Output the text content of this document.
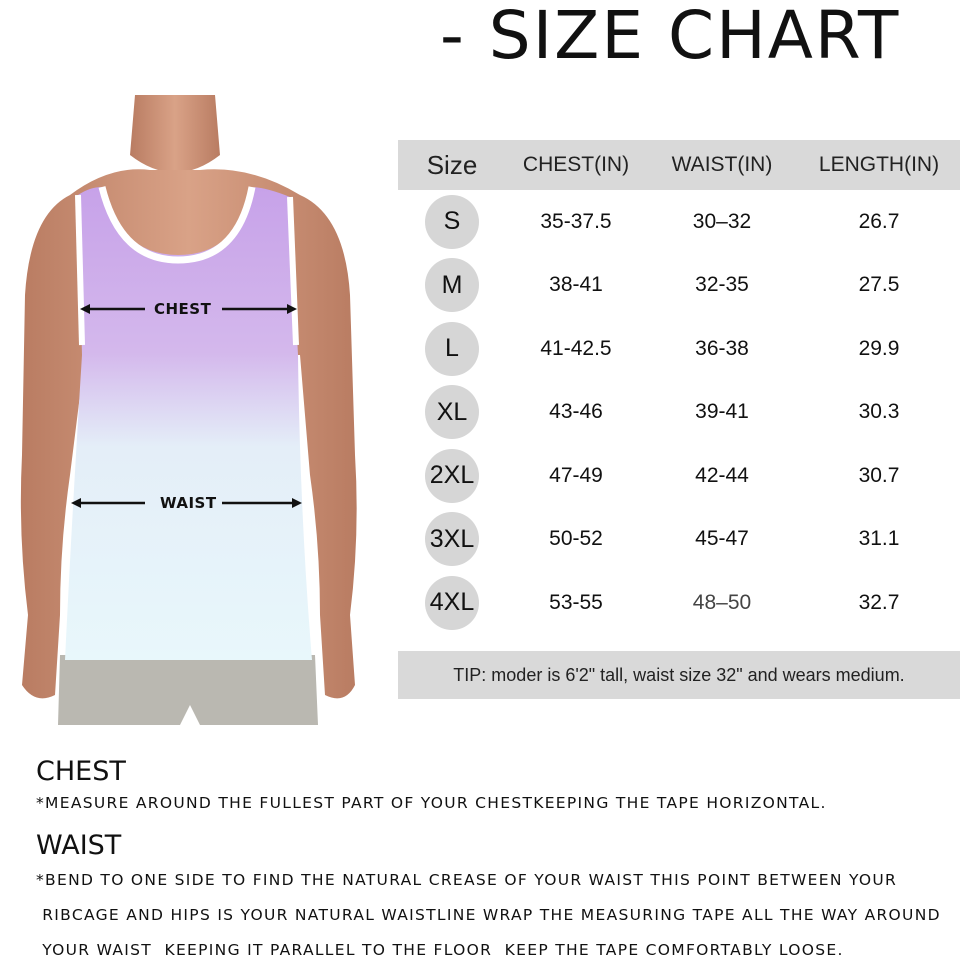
- SIZE CHART
CHEST
WAIST
Size	CHEST(IN)	WAIST(IN)	LENGTH(IN)
S	35-37.5	30–32	26.7
M	38-41	32-35	27.5
L	41-42.5	36-38	29.9
XL	43-46	39-41	30.3
2XL	47-49	42-44	30.7
3XL	50-52	45-47	31.1
4XL	53-55	48–50	32.7
TIP: moder is 6'2" tall, waist size 32" and wears medium.
CHEST
*MEASURE AROUND THE FULLEST PART OF YOUR CHESTKEEPING THE TAPE HORIZONTAL.
WAIST
*BEND TO ONE SIDE TO FIND THE NATURAL CREASE OF YOUR WAIST THIS POINT BETWEEN YOUR
RIBCAGE AND HIPS IS YOUR NATURAL WAISTLINE WRAP THE MEASURING TAPE ALL THE WAY AROUND
YOUR WAIST  KEEPING IT PARALLEL TO THE FLOOR  KEEP THE TAPE COMFORTABLY LOOSE.
